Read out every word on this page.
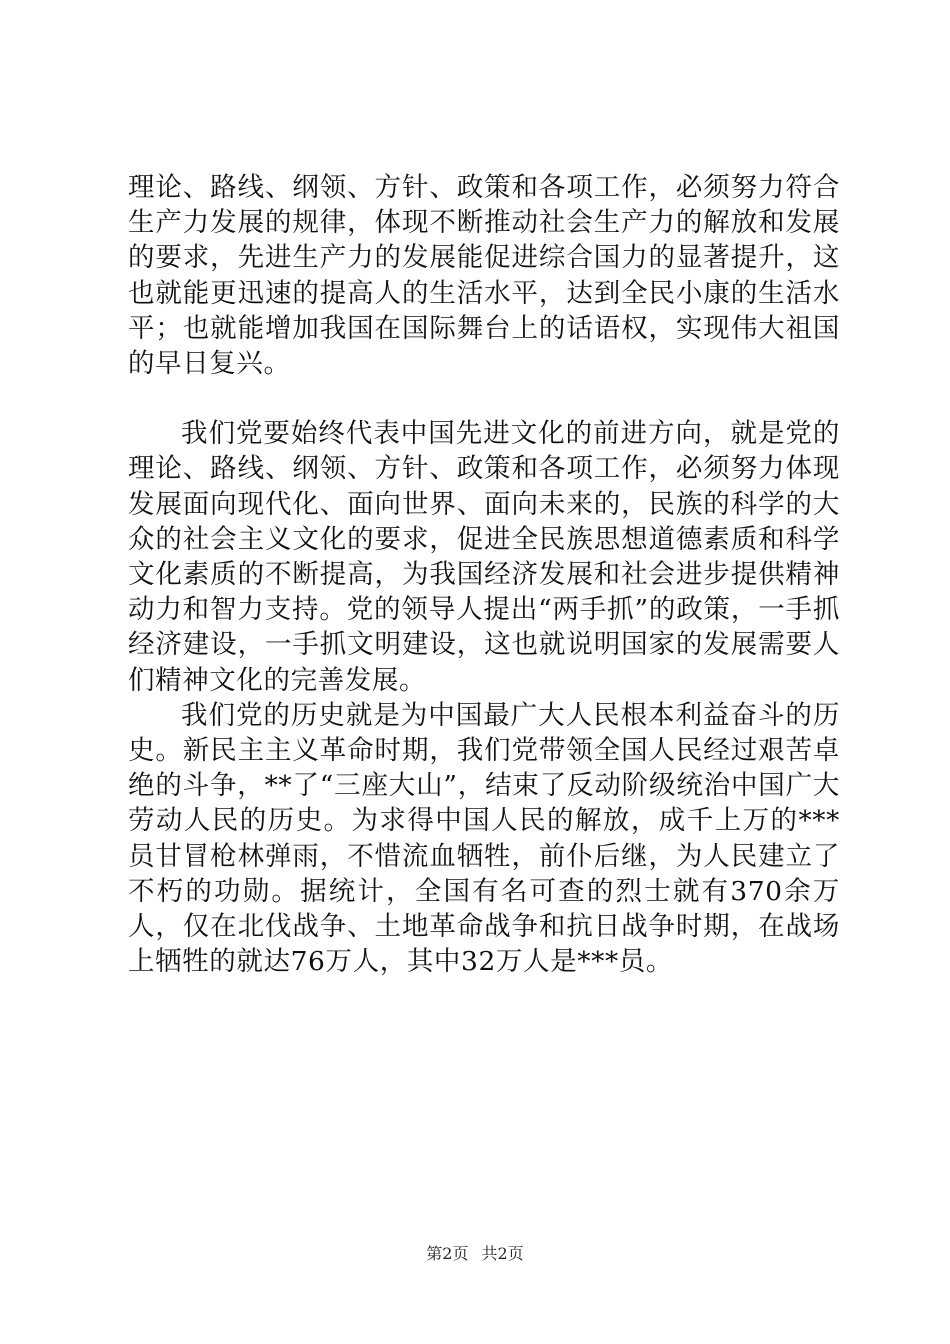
理论、路线、纲领、方针、政策和各项工作，必须努力符合生产力发展的规律，体现不断推动社会生产力的解放和发展的要求，先进生产力的发展能促进综合国力的显著提升，这也就能更迅速的提高人的生活水平，达到全民小康的生活水平；也就能增加我国在国际舞台上的话语权，实现伟大祖国的早日复兴。

我们党要始终代表中国先进文化的前进方向，就是党的理论、路线、纲领、方针、政策和各项工作，必须努力体现发展面向现代化、面向世界、面向未来的，民族的科学的大众的社会主义文化的要求，促进全民族思想道德素质和科学文化素质的不断提高，为我国经济发展和社会进步提供精神动力和智力支持。党的领导人提出“两手抓”的政策，一手抓经济建设，一手抓文明建设，这也就说明国家的发展需要人们精神文化的完善发展。

我们党的历史就是为中国最广大人民根本利益奋斗的历史。新民主主义革命时期，我们党带领全国人民经过艰苦卓绝的斗争，**了“三座大山”，结束了反动阶级统治中国广大劳动人民的历史。为求得中国人民的解放，成千上万的***员甘冒枪林弹雨，不惜流血牺牲，前仆后继，为人民建立了不朽的功勋。据统计，全国有名可查的烈士就有370余万人，仅在北伐战争、土地革命战争和抗日战争时期，在战场上牺牲的就达76万人，其中32万人是***员。

第2页 共2页
